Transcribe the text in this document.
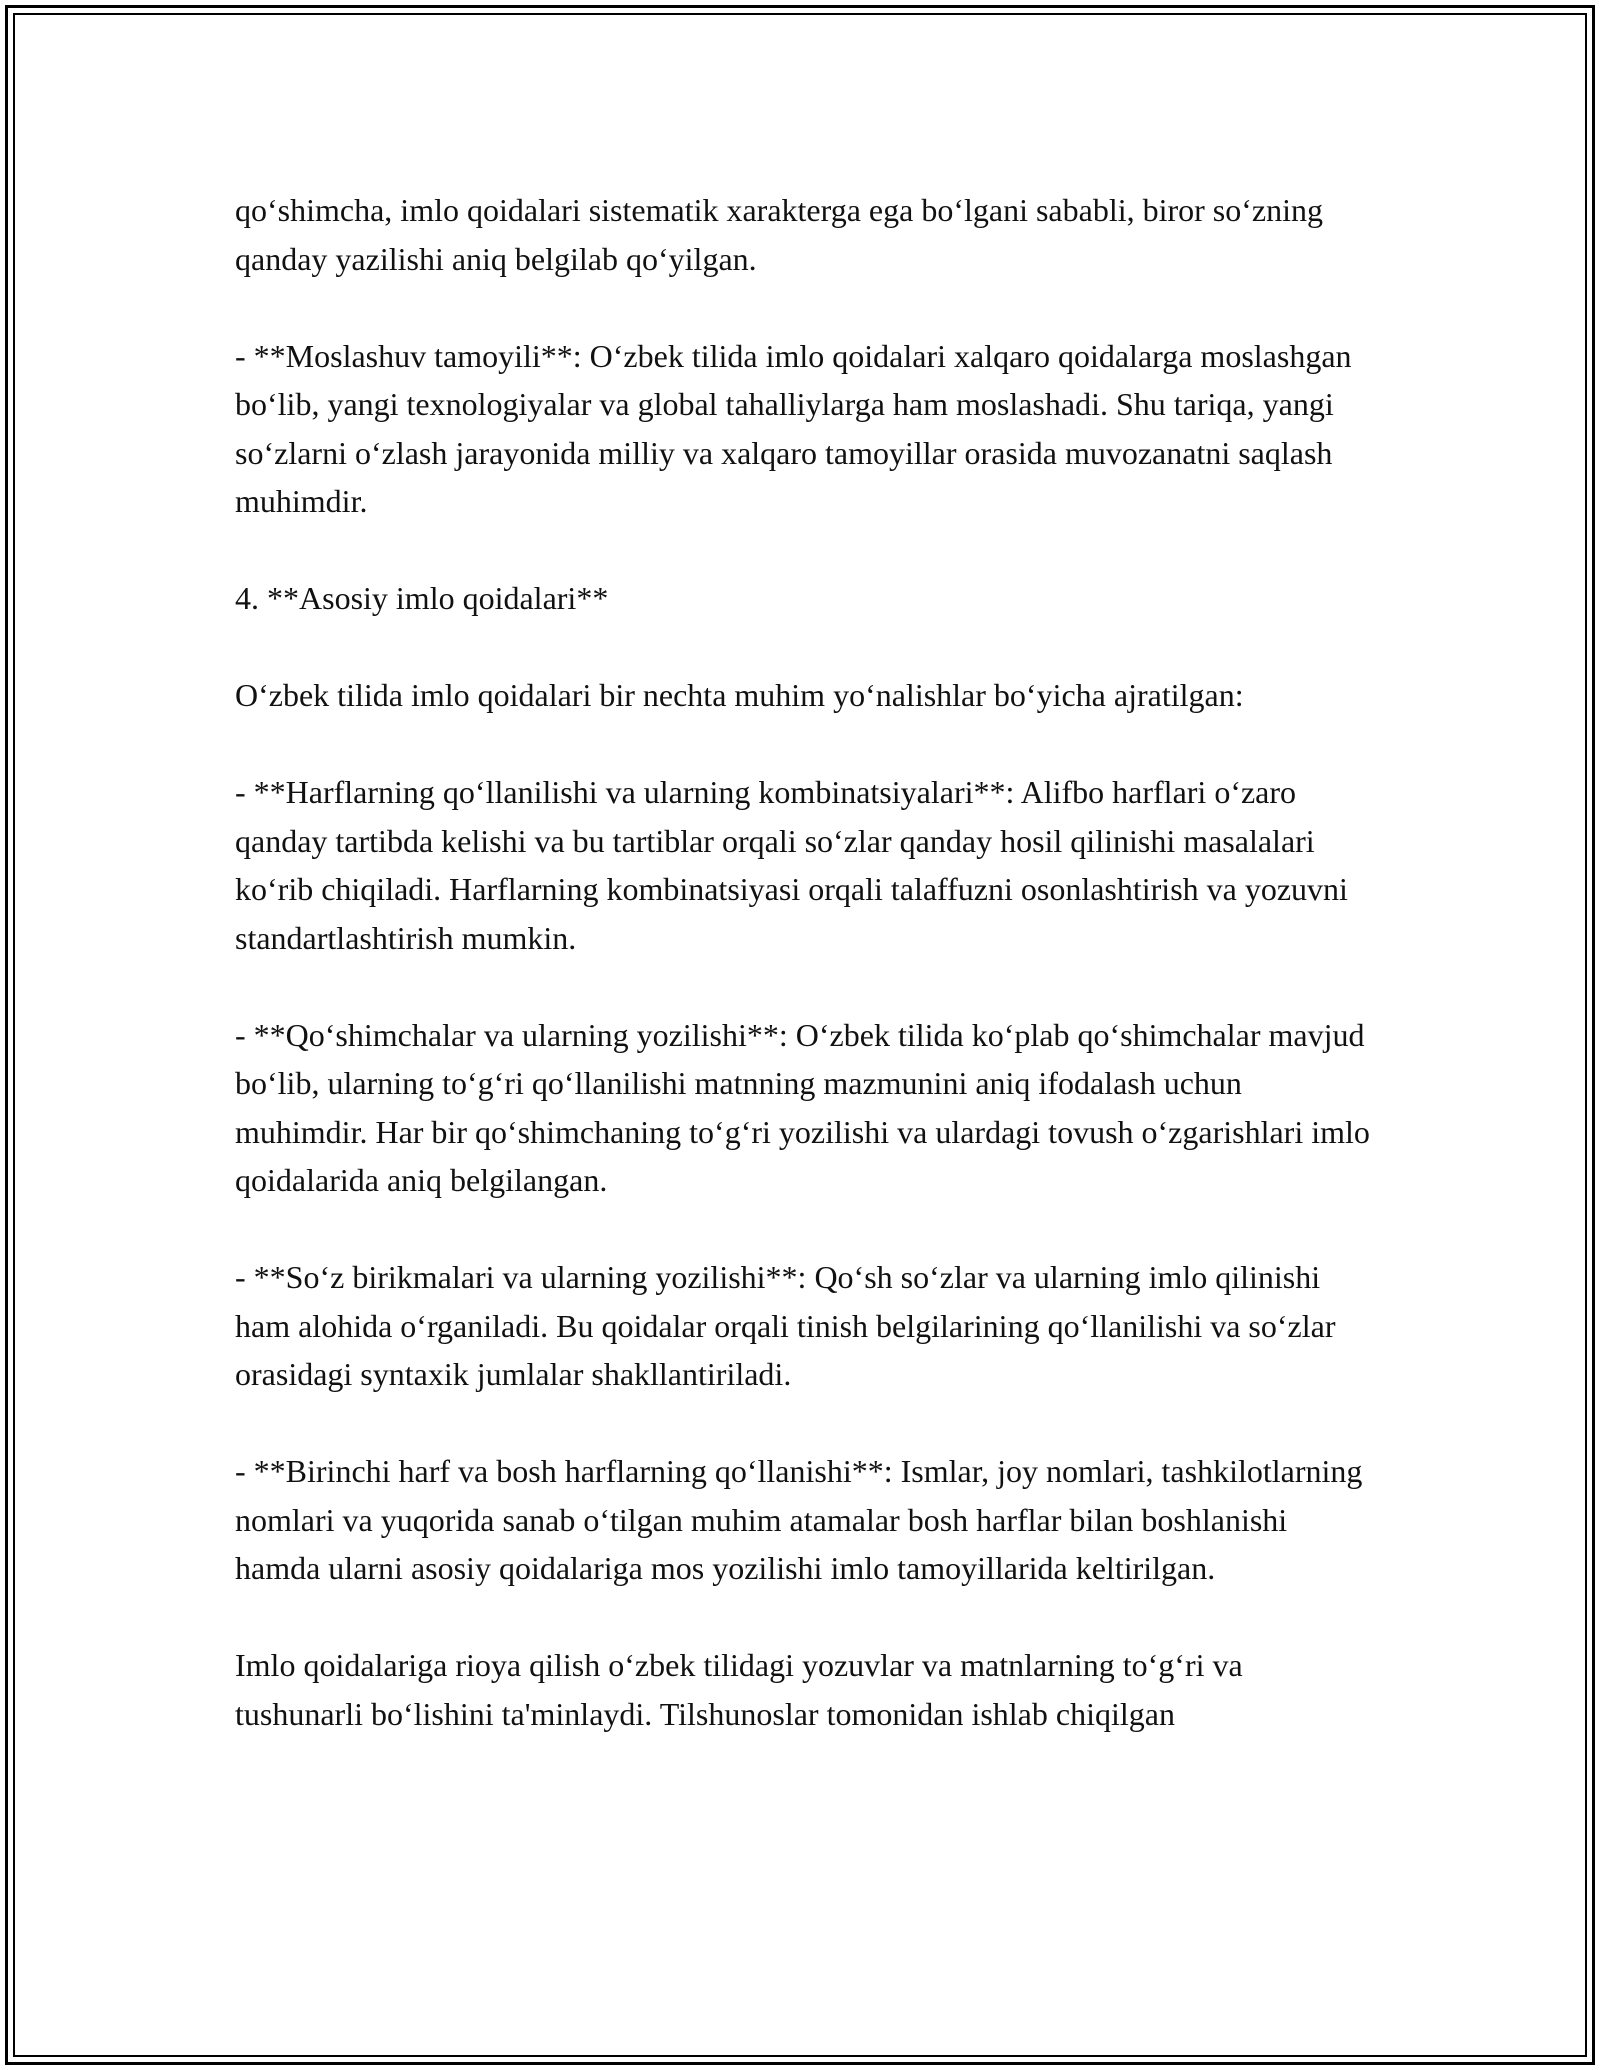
qo‘shimcha, imlo qoidalari sistematik xarakterga ega bo‘lgani sababli, biror so‘zning qanday yazilishi aniq belgilab qo‘yilgan.

- **Moslashuv tamoyili**: O‘zbek tilida imlo qoidalari xalqaro qoidalarga moslashgan bo‘lib, yangi texnologiyalar va global tahalliylarga ham moslashadi. Shu tariqa, yangi so‘zlarni o‘zlash jarayonida milliy va xalqaro tamoyillar orasida muvozanatni saqlash muhimdir.

4. **Asosiy imlo qoidalari**

O‘zbek tilida imlo qoidalari bir nechta muhim yo‘nalishlar bo‘yicha ajratilgan:

- **Harflarning qo‘llanilishi va ularning kombinatsiyalari**: Alifbo harflari o‘zaro qanday tartibda kelishi va bu tartiblar orqali so‘zlar qanday hosil qilinishi masalalari ko‘rib chiqiladi. Harflarning kombinatsiyasi orqali talaffuzni osonlashtirish va yozuvni standartlashtirish mumkin.

- **Qo‘shimchalar va ularning yozilishi**: O‘zbek tilida ko‘plab qo‘shimchalar mavjud bo‘lib, ularning to‘g‘ri qo‘llanilishi matnning mazmunini aniq ifodalash uchun muhimdir. Har bir qo‘shimchaning to‘g‘ri yozilishi va ulardagi tovush o‘zgarishlari imlo qoidalarida aniq belgilangan.

- **So‘z birikmalari va ularning yozilishi**: Qo‘sh so‘zlar va ularning imlo qilinishi ham alohida o‘rganiladi. Bu qoidalar orqali tinish belgilarining qo‘llanilishi va so‘zlar orasidagi syntaxik jumlalar shakllantiriladi.

- **Birinchi harf va bosh harflarning qo‘llanishi**: Ismlar, joy nomlari, tashkilotlarning nomlari va yuqorida sanab o‘tilgan muhim atamalar bosh harflar bilan boshlanishi hamda ularni asosiy qoidalariga mos yozilishi imlo tamoyillarida keltirilgan.

Imlo qoidalariga rioya qilish o‘zbek tilidagi yozuvlar va matnlarning to‘g‘ri va tushunarli bo‘lishini ta'minlaydi. Tilshunoslar tomonidan ishlab chiqilgan
